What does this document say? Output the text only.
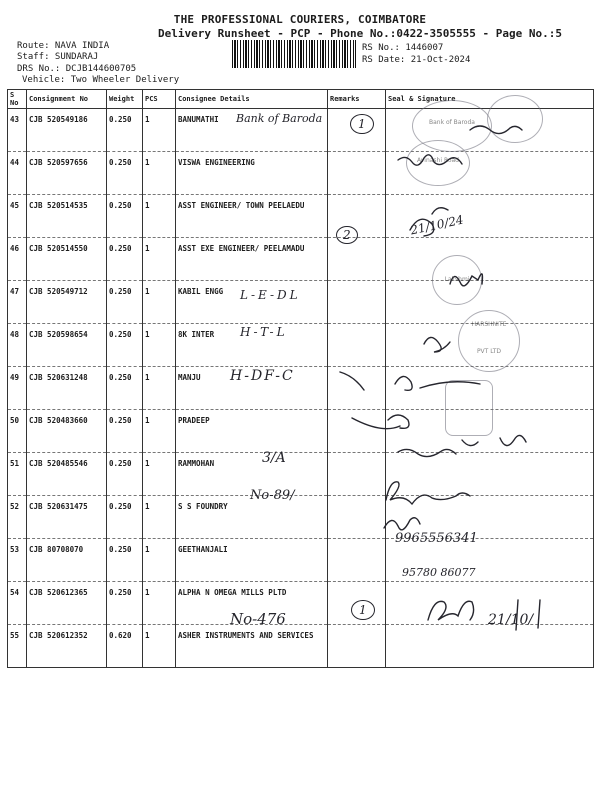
THE PROFESSIONAL COURIERS, COIMBATORE
Delivery Runsheet - PCP - Phone No.:0422-3505555 - Page No.:5
Route: NAVA INDIA
Staff: SUNDARAJ
DRS No.: DCJB144600705
Vehicle: Two Wheeler Delivery
RS No.: 1446007
RS Date: 21-Oct-2024
S No	Consignment No	Weight	PCS	Consignee Details	Remarks	Seal & Signature

43	CJB 520549186	0.250	1	BANUMATHI		

44	CJB 520597656	0.250	1	VISWA ENGINEERING		

45	CJB 520514535	0.250	1	ASST ENGINEER/ TOWN PEELAEDU		

46	CJB 520514550	0.250	1	ASST EXE ENGINEER/ PEELAMADU		

47	CJB 520549712	0.250	1	KABIL ENGG		

48	CJB 520598654	0.250	1	8K INTER		

49	CJB 520631248	0.250	1	MANJU		

50	CJB 520483660	0.250	1	PRADEEP		

51	CJB 520485546	0.250	1	RAMMOHAN		

52	CJB 520631475	0.250	1	S S FOUNDRY		

53	CJB 80708070	0.250	1	GEETHANJALI		

54	CJB 520612365	0.250	1	ALPHA N OMEGA MILLS PLTD		

55	CJB 520612352	0.620	1	ASHER INSTRUMENTS AND SERVICES		

Bank of Baroda
Avinashi Road
Lakshmi
HARSHNITE
PVT LTD
Bank of Baroda	1
2	21/10/24
L-E-DL
H-T-L
H-DF-C
3/A
No-89/
9965556341
95780 86077
No-476	1
21/10/
